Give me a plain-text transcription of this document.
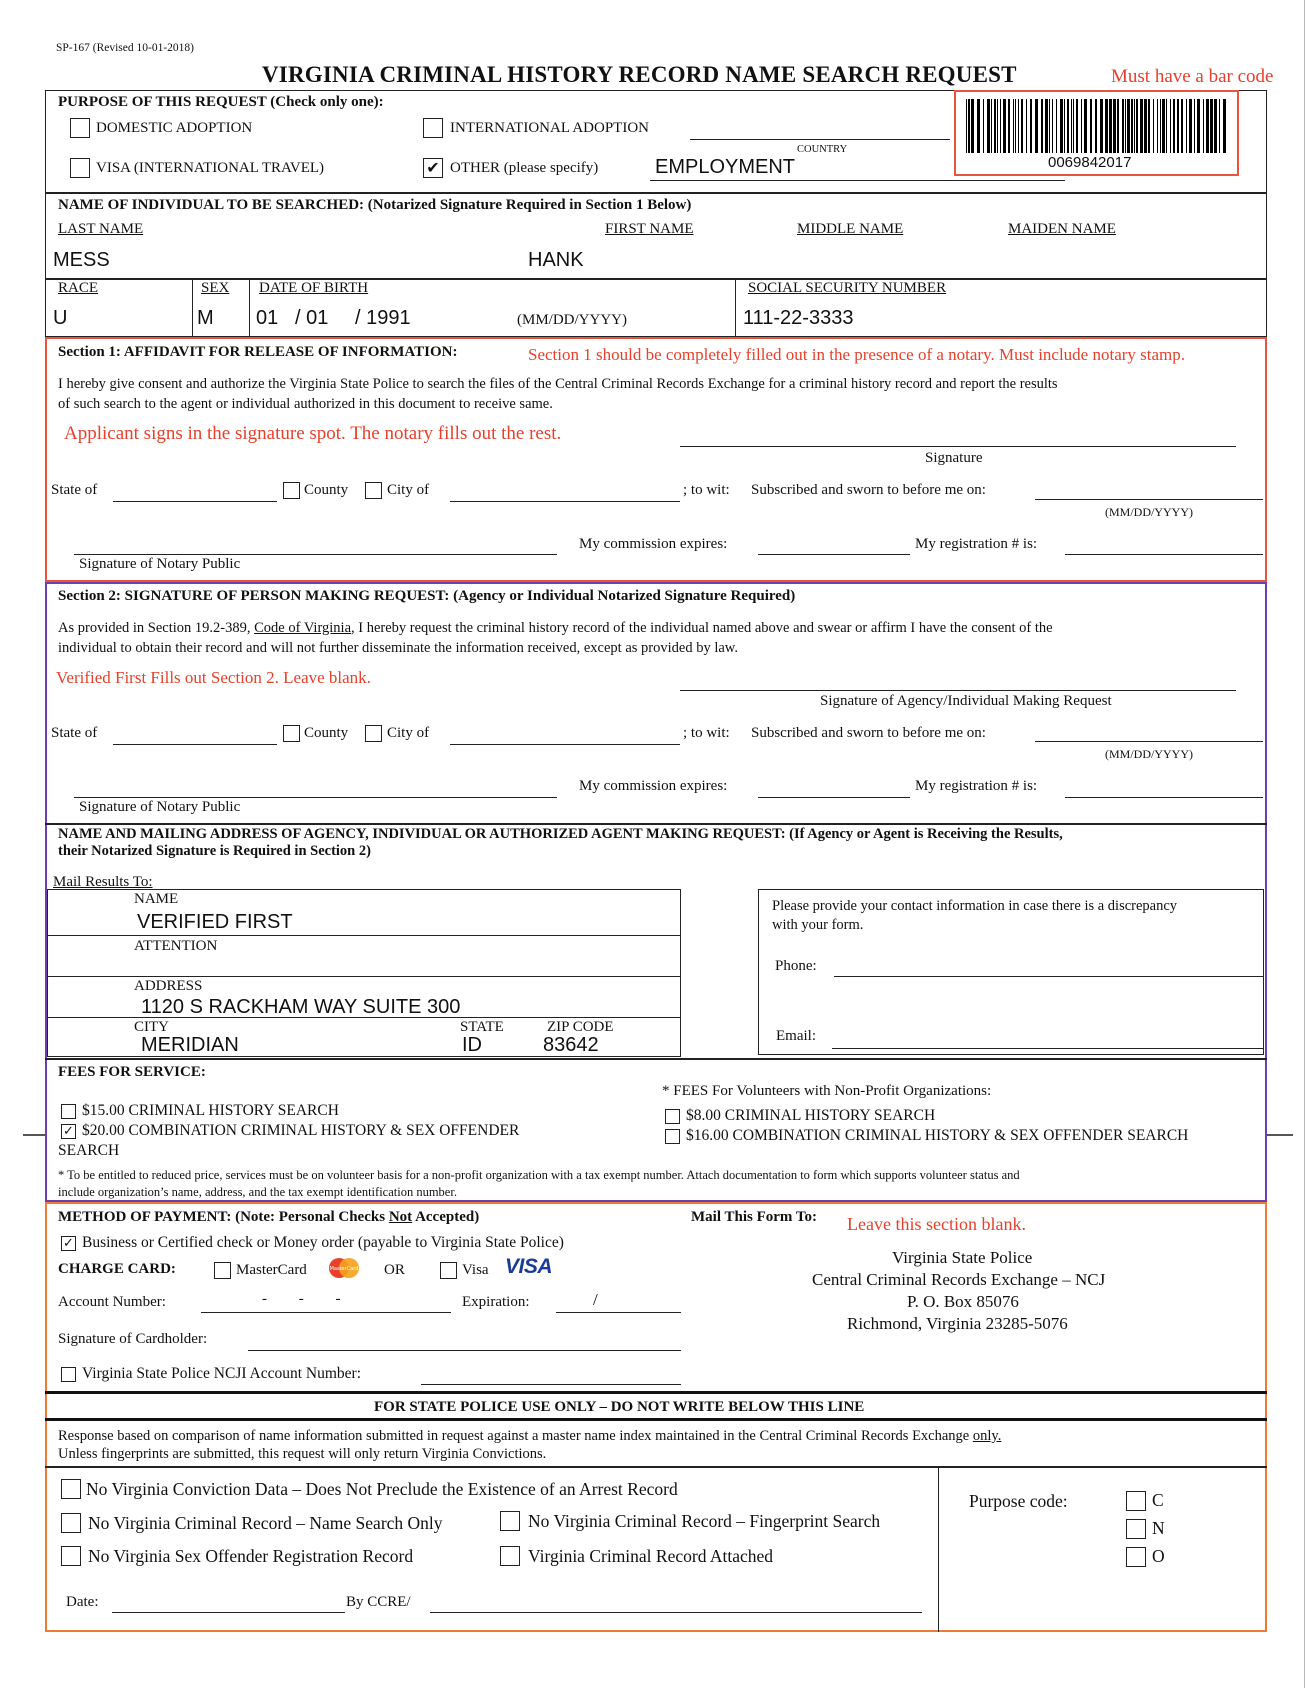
SP-167 (Revised 10-01-2018)
VIRGINIA CRIMINAL HISTORY RECORD NAME SEARCH REQUEST	Must have a bar code
PURPOSE OF THIS REQUEST (Check only one):
DOMESTIC ADOPTION	INTERNATIONAL ADOPTION
COUNTRY
VISA (INTERNATIONAL TRAVEL)	✔ OTHER (please specify)	EMPLOYMENT	0069842017
NAME OF INDIVIDUAL TO BE SEARCHED: (Notarized Signature Required in Section 1 Below)
LAST NAME	FIRST NAME	MIDDLE NAME	MAIDEN NAME
MESS	HANK
RACE	SEX DATE OF BIRTH	SOCIAL SECURITY NUMBER
U	M 01 / 01 / 1991	(MM/DD/YYYY)	111-22-3333
Section 1: AFFIDAVIT FOR RELEASE OF INFORMATION:	Section 1 should be completely filled out in the presence of a notary. Must include notary stamp.
I hereby give consent and authorize the Virginia State Police to search the files of the Central Criminal Records Exchange for a criminal history record and report the results
of such search to the agent or individual authorized in this document to receive same.
Applicant signs in the signature spot. The notary fills out the rest.
Signature
State of	County	City of	; to wit: Subscribed and sworn to before me on:
(MM/DD/YYYY)
My commission expires:	My registration # is:
Signature of Notary Public
Section 2: SIGNATURE OF PERSON MAKING REQUEST: (Agency or Individual Notarized Signature Required)
As provided in Section 19.2-389, Code of Virginia, I hereby request the criminal history record of the individual named above and swear or affirm I have the consent of the
individual to obtain their record and will not further disseminate the information received, except as provided by law.
Verified First Fills out Section 2. Leave blank.
Signature of Agency/Individual Making Request
State of	County	City of	; to wit: Subscribed and sworn to before me on:
(MM/DD/YYYY)
My commission expires:	My registration # is:
Signature of Notary Public
NAME AND MAILING ADDRESS OF AGENCY, INDIVIDUAL OR AUTHORIZED AGENT MAKING REQUEST: (If Agency or Agent is Receiving the Results,
their Notarized Signature is Required in Section 2)
Mail Results To:
NAME
VERIFIED FIRST
ATTENTION
ADDRESS
1120 S RACKHAM WAY SUITE 300
CITY	STATE	ZIP CODE
MERIDIAN	ID	83642
Please provide your contact information in case there is a discrepancy
with your form.
Phone:
Email:
FEES FOR SERVICE:
* FEES For Volunteers with Non-Profit Organizations:
$15.00 CRIMINAL HISTORY SEARCH
✓ $20.00 COMBINATION CRIMINAL HISTORY & SEX OFFENDER
SEARCH
$8.00 CRIMINAL HISTORY SEARCH
$16.00 COMBINATION CRIMINAL HISTORY & SEX OFFENDER SEARCH
* To be entitled to reduced price, services must be on volunteer basis for a non-profit organization with a tax exempt number. Attach documentation to form which supports volunteer status and
include organization’s name, address, and the tax exempt identification number.
METHOD OF PAYMENT: (Note: Personal Checks Not Accepted)	Mail This Form To: Leave this section blank.
✓ Business or Certified check or Money order (payable to Virginia State Police)
CHARGE CARD:	MasterCard	MasterCard OR	Visa VISA
Account Number:	- - -	Expiration:	/
Signature of Cardholder:
Virginia State Police NCJI Account Number:
Virginia State Police
Central Criminal Records Exchange – NCJ
P. O. Box 85076
Richmond, Virginia 23285-5076
FOR STATE POLICE USE ONLY – DO NOT WRITE BELOW THIS LINE
Response based on comparison of name information submitted in request against a master name index maintained in the Central Criminal Records Exchange only.
Unless fingerprints are submitted, this request will only return Virginia Convictions.
No Virginia Conviction Data – Does Not Preclude the Existence of an Arrest Record
No Virginia Criminal Record – Name Search Only	No Virginia Criminal Record – Fingerprint Search
No Virginia Sex Offender Registration Record	Virginia Criminal Record Attached
Date:	By CCRE/
Purpose code:	C
N
O
